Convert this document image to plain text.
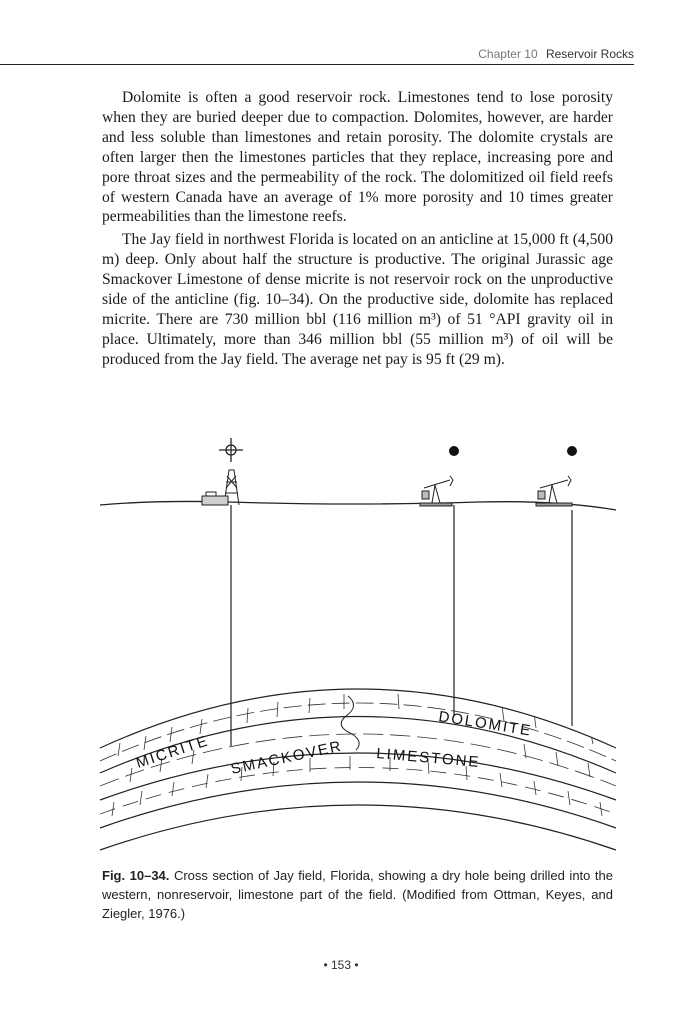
Chapter 10 Reservoir Rocks

Dolomite is often a good reservoir rock. Limestones tend to lose porosity when they are buried deeper due to compaction. Dolomites, however, are harder and less soluble than limestones and retain porosity. The dolomite crystals are often larger then the limestones particles that they replace, increasing pore and pore throat sizes and the permeability of the rock. The dolomitized oil field reefs of western Canada have an average of 1% more porosity and 10 times greater permeabilities than the limestone reefs.

The Jay field in northwest Florida is located on an anticline at 15,000 ft (4,500 m) deep. Only about half the structure is productive. The original Jurassic age Smackover Limestone of dense micrite is not reservoir rock on the unproductive side of the anticline (fig. 10–34). On the productive side, dolomite has replaced micrite. There are 730 million bbl (116 million m³) of 51 °API gravity oil in place. Ultimately, more than 346 million bbl (55 million m³) of oil will be produced from the Jay field. The average net pay is 95 ft (29 m).

MICRITE SMACKOVER LIMESTONE
DOLOMITE
Fig. 10–34. Cross section of Jay field, Florida, showing a dry hole being drilled into the western, nonreservoir, limestone part of the field. (Modified from Ottman, Keyes, and Ziegler, 1976.)
• 153 •
